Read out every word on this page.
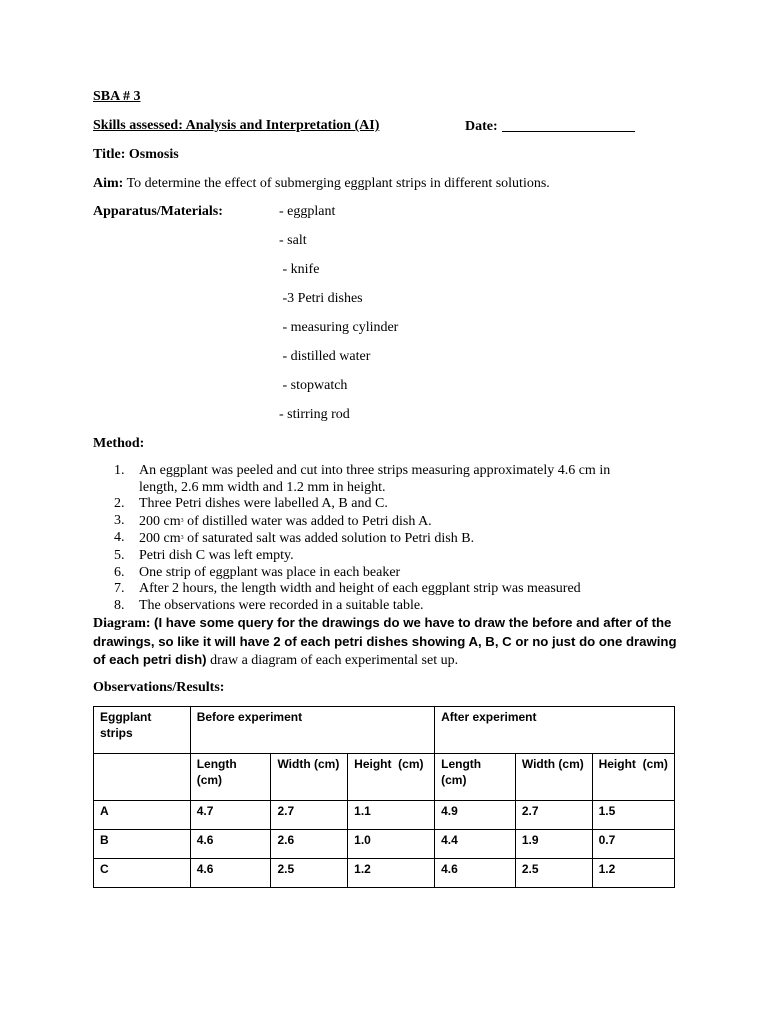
SBA # 3
Skills assessed: Analysis and Interpretation (AI)	Date:
Title: Osmosis
Aim: To determine the effect of submerging eggplant strips in different solutions.
Apparatus/Materials:	- eggplant
- salt
- knife
-3 Petri dishes
- measuring cylinder
- distilled water
- stopwatch
- stirring rod
Method:
1. An eggplant was peeled and cut into three strips measuring approximately 4.6 cm in
length, 2.6 mm width and 1.2 mm in height.
2. Three Petri dishes were labelled A, B and C.
3. 200 $cm^3$ of distilled water was added to Petri dish A.
4. 200 $cm^3$ of saturated salt was added solution to Petri dish B.
5. Petri dish C was left empty.
6. One strip of eggplant was place in each beaker
7. After 2 hours, the length width and height of each eggplant strip was measured
8. The observations were recorded in a suitable table.
Diagram: (I have some query for the drawings do we have to draw the before and after of the drawings, so like it will have 2 of each petri dishes showing A, B, C or no just do one drawing of each petri dish) draw a diagram of each experimental set up.
Observations/Results:
Eggplant strips	Before experiment			After experiment		
	Length (cm)	Width (cm)	Height  (cm)	Length (cm)	Width (cm)	Height  (cm)
A	4.7	2.7	1.1	4.9	2.7	1.5
B	4.6	2.6	1.0	4.4	1.9	0.7
C	4.6	2.5	1.2	4.6	2.5	1.2
